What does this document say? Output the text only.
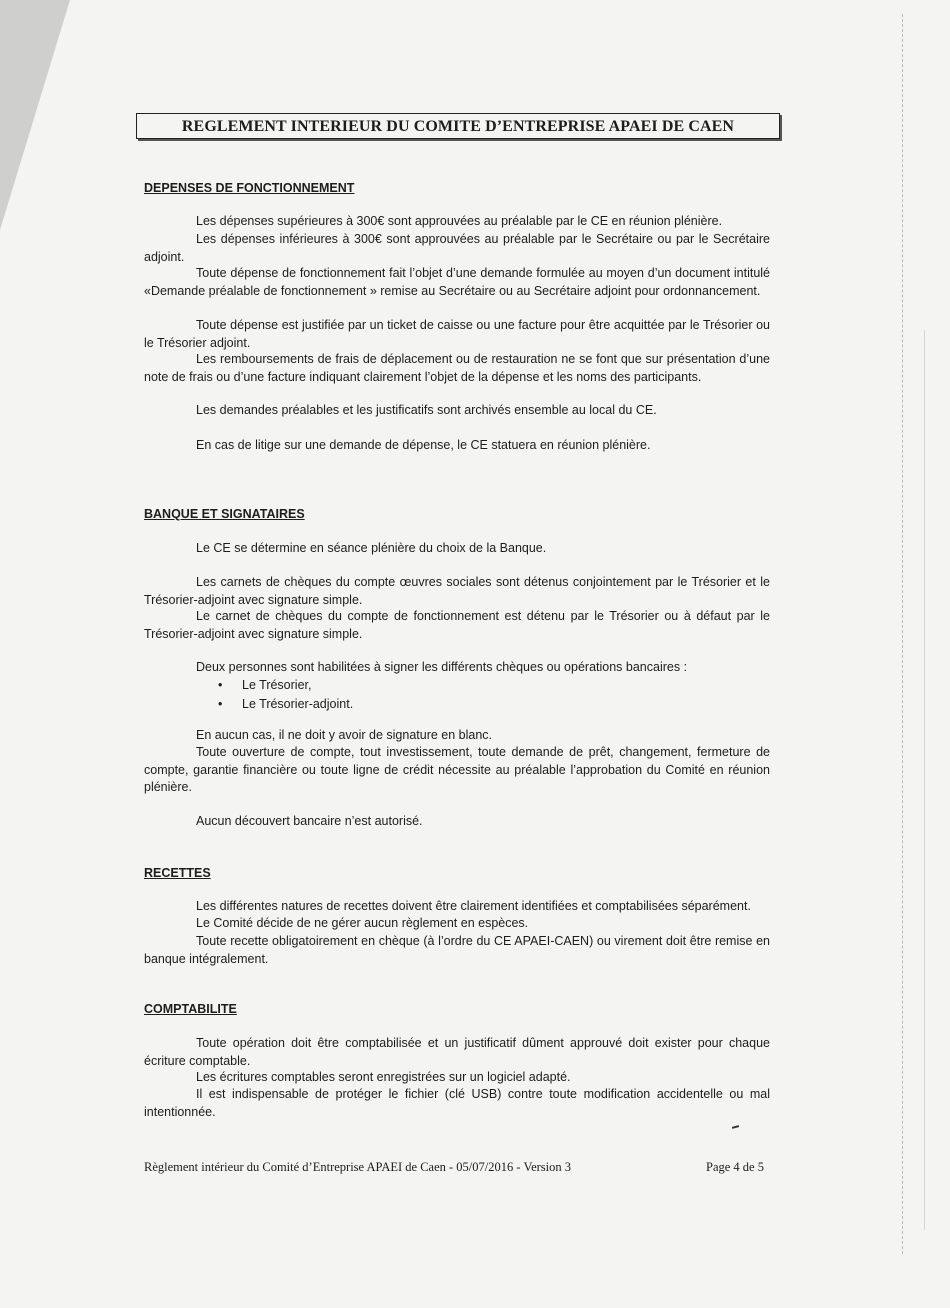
REGLEMENT INTERIEUR DU COMITE D’ENTREPRISE APAEI DE CAEN
DEPENSES DE FONCTIONNEMENT

Les dépenses supérieures à 300€ sont approuvées au préalable par le CE en réunion plénière.

Les dépenses inférieures à 300€ sont approuvées au préalable par le Secrétaire ou par le Secrétaire adjoint.

Toute dépense de fonctionnement fait l’objet d’une demande formulée au moyen d’un document intitulé «Demande préalable de fonctionnement » remise au Secrétaire ou au Secrétaire adjoint pour ordonnancement.

Toute dépense est justifiée par un ticket de caisse ou une facture pour être acquittée par le Trésorier ou le Trésorier adjoint.

Les remboursements de frais de déplacement ou de restauration ne se font que sur présentation d’une note de frais ou d’une facture indiquant clairement l’objet de la dépense et les noms des participants.

Les demandes préalables et les justificatifs sont archivés ensemble au local du CE.

En cas de litige sur une demande de dépense, le CE statuera en réunion plénière.

BANQUE ET SIGNATAIRES

Le CE se détermine en séance plénière du choix de la Banque.

Les carnets de chèques du compte œuvres sociales sont détenus conjointement par le Trésorier et le Trésorier-adjoint avec signature simple.

Le carnet de chèques du compte de fonctionnement est détenu par le Trésorier ou à défaut par le Trésorier-adjoint avec signature simple.

Deux personnes sont habilitées à signer les différents chèques ou opérations bancaires :

• Le Trésorier,
• Le Trésorier-adjoint.

En aucun cas, il ne doit y avoir de signature en blanc.

Toute ouverture de compte, tout investissement, toute demande de prêt, changement, fermeture de compte, garantie financière ou toute ligne de crédit nécessite au préalable l’approbation du Comité en réunion plénière.

Aucun découvert bancaire n’est autorisé.

RECETTES

Les différentes natures de recettes doivent être clairement identifiées et comptabilisées séparément.

Le Comité décide de ne gérer aucun règlement en espèces.

Toute recette obligatoirement en chèque (à l’ordre du CE APAEI-CAEN) ou virement doit être remise en banque intégralement.

COMPTABILITE

Toute opération doit être comptabilisée et un justificatif dûment approuvé doit exister pour chaque écriture comptable.

Les écritures comptables seront enregistrées sur un logiciel adapté.

Il est indispensable de protéger le fichier (clé USB) contre toute modification accidentelle ou mal intentionnée.

Règlement intérieur du Comité d’Entreprise APAEI de Caen - 05/07/2016 - Version 3	Page 4 de 5
